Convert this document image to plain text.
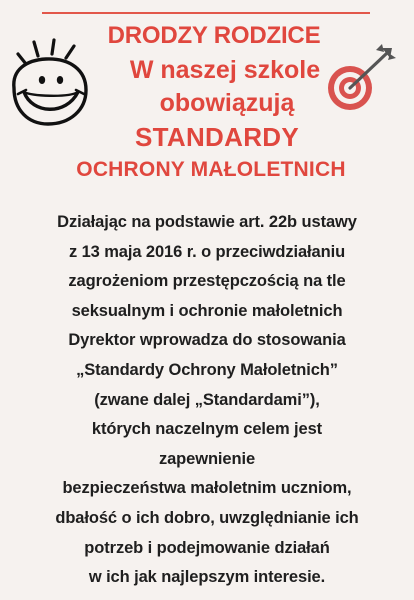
DRODZY RODZICE
W naszej szkole
obowiązują
STANDARDY
OCHRONY MAŁOLETNICH
Działając na podstawie art. 22b ustawy
z 13 maja 2016 r. o przeciwdziałaniu
zagrożeniom przestępczością na tle
seksualnym i ochronie małoletnich
Dyrektor wprowadza do stosowania
„Standardy Ochrony Małoletnich”
(zwane dalej „Standardami”),
których naczelnym celem jest
zapewnienie
bezpieczeństwa małoletnim uczniom,
dbałość o ich dobro, uwzględnianie ich
potrzeb i podejmowanie działań
w ich jak najlepszym interesie.
